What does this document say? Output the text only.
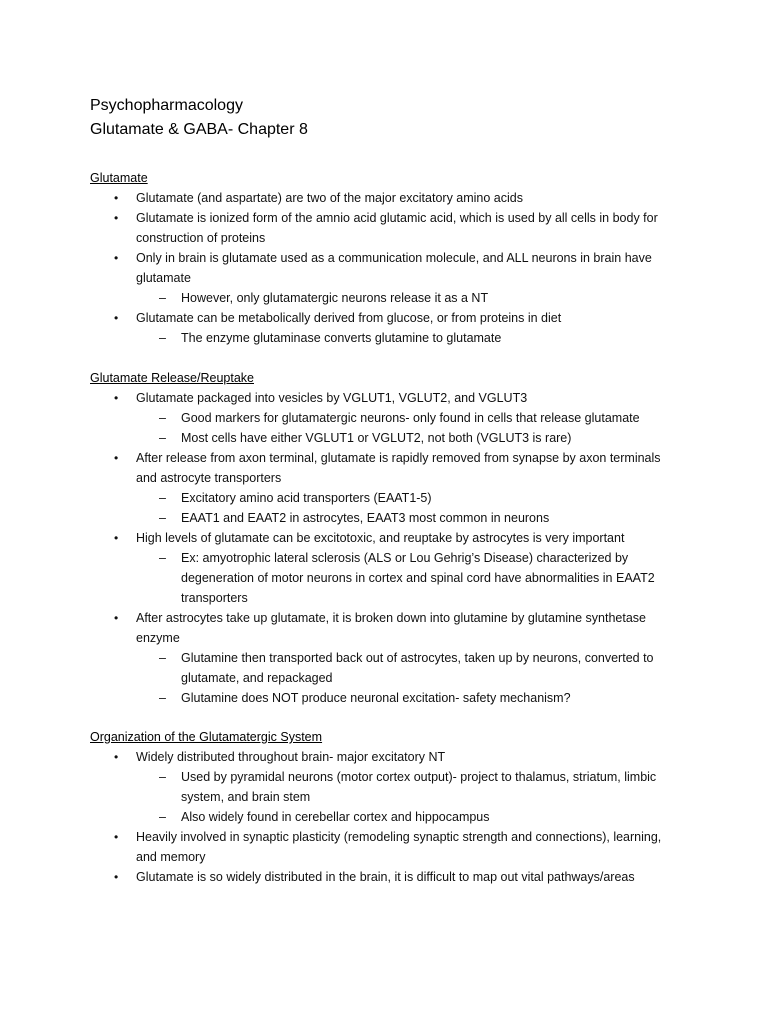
Psychopharmacology
Glutamate & GABA- Chapter 8
Glutamate
• Glutamate (and aspartate) are two of the major excitatory amino acids
• Glutamate is ionized form of the amnio acid glutamic acid, which is used by all cells in body for
construction of proteins
• Only in brain is glutamate used as a communication molecule, and ALL neurons in brain have
glutamate
– However, only glutamatergic neurons release it as a NT
• Glutamate can be metabolically derived from glucose, or from proteins in diet
– The enzyme glutaminase converts glutamine to glutamate
Glutamate Release/Reuptake
• Glutamate packaged into vesicles by VGLUT1, VGLUT2, and VGLUT3
– Good markers for glutamatergic neurons- only found in cells that release glutamate
– Most cells have either VGLUT1 or VGLUT2, not both (VGLUT3 is rare)
• After release from axon terminal, glutamate is rapidly removed from synapse by axon terminals
and astrocyte transporters
– Excitatory amino acid transporters (EAAT1-5)
– EAAT1 and EAAT2 in astrocytes, EAAT3 most common in neurons
• High levels of glutamate can be excitotoxic, and reuptake by astrocytes is very important
– Ex: amyotrophic lateral sclerosis (ALS or Lou Gehrig’s Disease) characterized by
degeneration of motor neurons in cortex and spinal cord have abnormalities in EAAT2
transporters
• After astrocytes take up glutamate, it is broken down into glutamine by glutamine synthetase
enzyme
– Glutamine then transported back out of astrocytes, taken up by neurons, converted to
glutamate, and repackaged
– Glutamine does NOT produce neuronal excitation- safety mechanism?
Organization of the Glutamatergic System
• Widely distributed throughout brain- major excitatory NT
– Used by pyramidal neurons (motor cortex output)- project to thalamus, striatum, limbic
system, and brain stem
– Also widely found in cerebellar cortex and hippocampus
• Heavily involved in synaptic plasticity (remodeling synaptic strength and connections), learning,
and memory
• Glutamate is so widely distributed in the brain, it is difficult to map out vital pathways/areas
